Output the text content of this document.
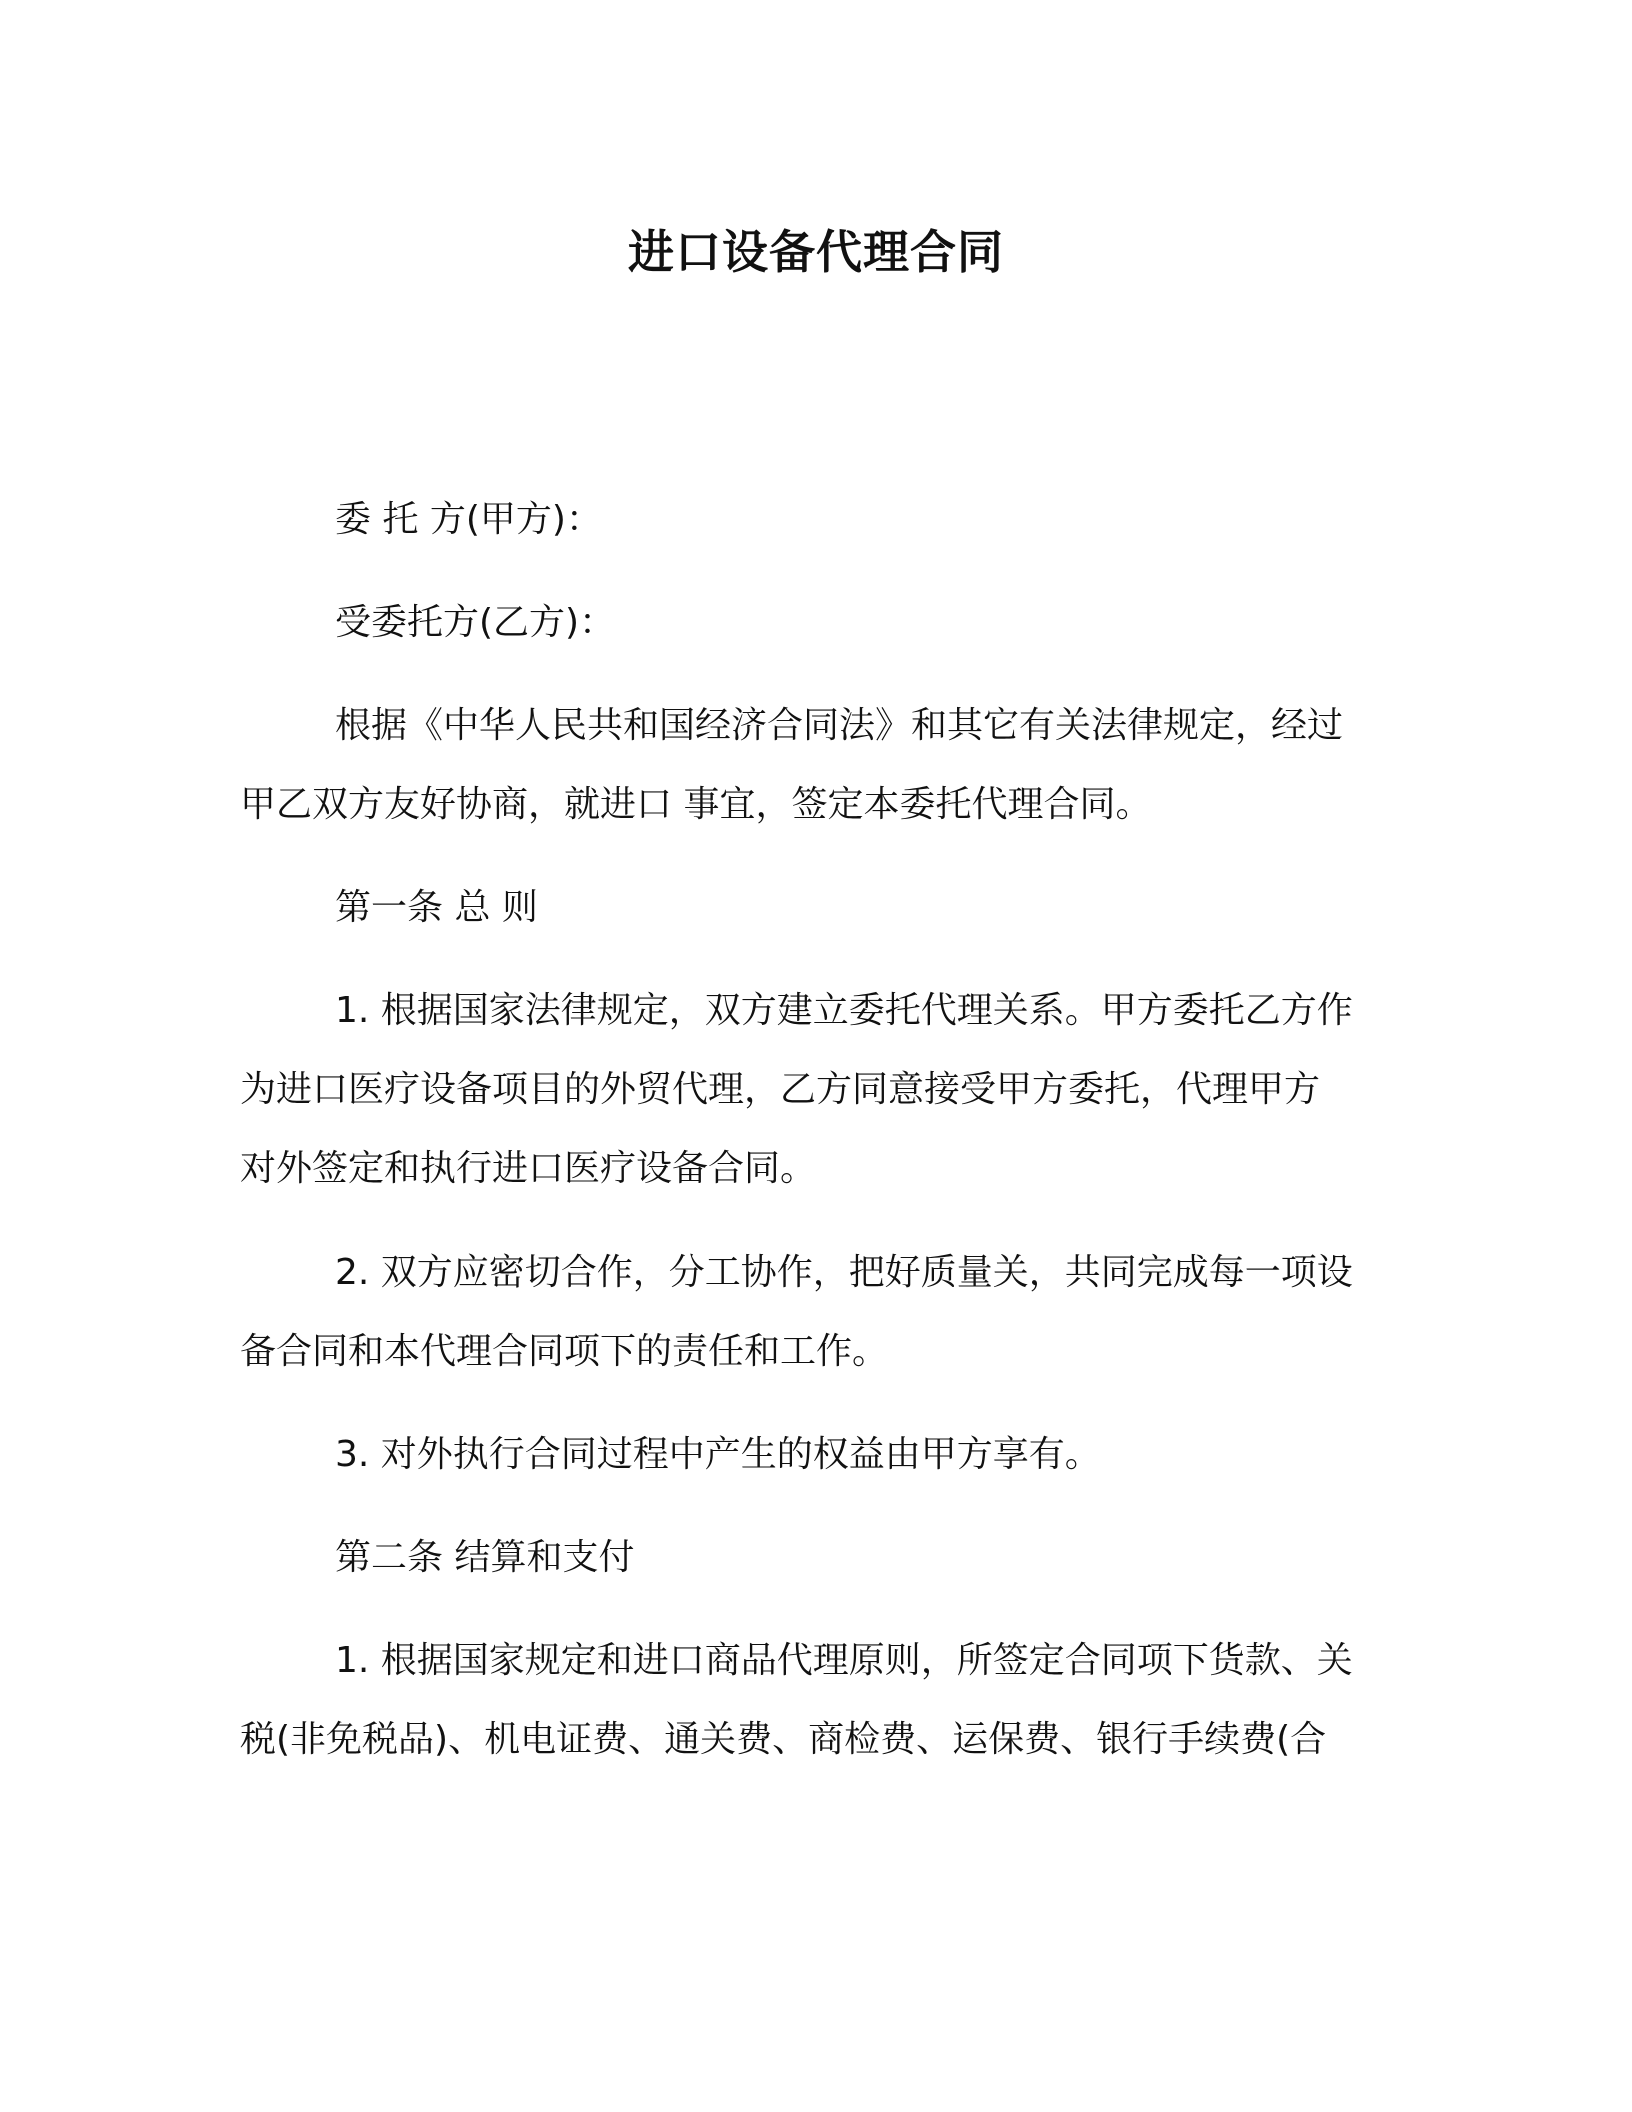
进口设备代理合同
委 托 方(甲方)：
受委托方(乙方)：
根据《中华人民共和国经济合同法》和其它有关法律规定，经过
甲乙双方友好协商，就进口 事宜，签定本委托代理合同。
第一条 总 则
1. 根据国家法律规定，双方建立委托代理关系。甲方委托乙方作
为进口医疗设备项目的外贸代理，乙方同意接受甲方委托，代理甲方
对外签定和执行进口医疗设备合同。
2. 双方应密切合作，分工协作，把好质量关，共同完成每一项设
备合同和本代理合同项下的责任和工作。
3. 对外执行合同过程中产生的权益由甲方享有。
第二条 结算和支付
1. 根据国家规定和进口商品代理原则，所签定合同项下货款、关
税(非免税品)、机电证费、通关费、商检费、运保费、银行手续费(合
